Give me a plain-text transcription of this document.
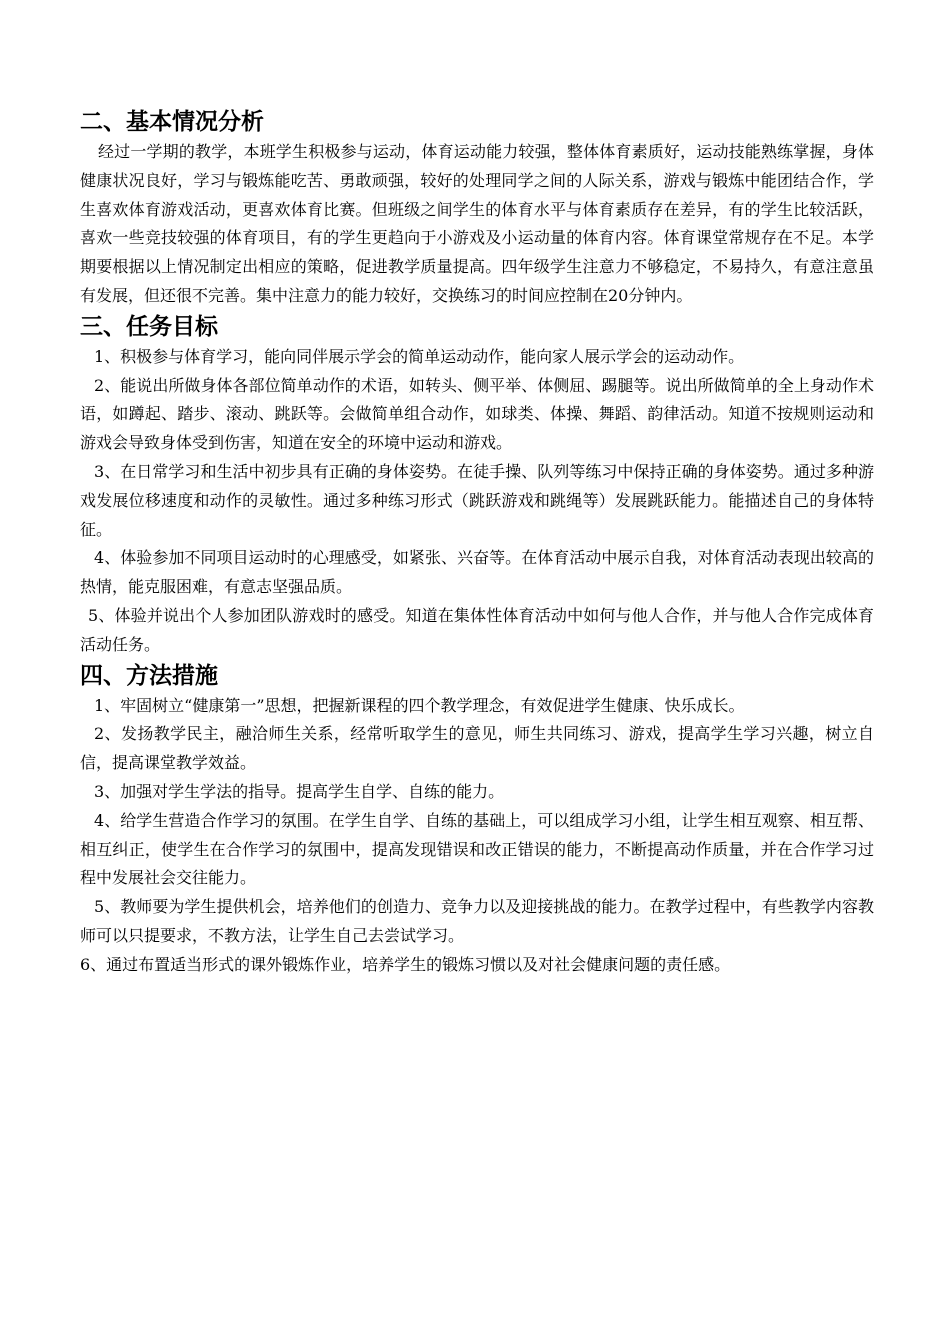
二、基本情况分析

经过一学期的教学，本班学生积极参与运动，体育运动能力较强，整体体育素质好，运动技能熟练掌握，身体健康状况良好，学习与锻炼能吃苦、勇敢顽强，较好的处理同学之间的人际关系，游戏与锻炼中能团结合作，学生喜欢体育游戏活动，更喜欢体育比赛。但班级之间学生的体育水平与体育素质存在差异，有的学生比较活跃，喜欢一些竞技较强的体育项目，有的学生更趋向于小游戏及小运动量的体育内容。体育课堂常规存在不足。本学期要根据以上情况制定出相应的策略，促进教学质量提高。四年级学生注意力不够稳定，不易持久，有意注意虽有发展，但还很不完善。集中注意力的能力较好，交换练习的时间应控制在20分钟内。

三、任务目标

1、积极参与体育学习，能向同伴展示学会的简单运动动作，能向家人展示学会的运动动作。

2、能说出所做身体各部位简单动作的术语，如转头、侧平举、体侧屈、踢腿等。说出所做简单的全上身动作术语，如蹲起、踏步、滚动、跳跃等。会做简单组合动作，如球类、体操、舞蹈、韵律活动。知道不按规则运动和游戏会导致身体受到伤害，知道在安全的环境中运动和游戏。

3、在日常学习和生活中初步具有正确的身体姿势。在徒手操、队列等练习中保持正确的身体姿势。通过多种游戏发展位移速度和动作的灵敏性。通过多种练习形式（跳跃游戏和跳绳等）发展跳跃能力。能描述自己的身体特征。

4、体验参加不同项目运动时的心理感受，如紧张、兴奋等。在体育活动中展示自我，对体育活动表现出较高的热情，能克服困难，有意志坚强品质。

5、体验并说出个人参加团队游戏时的感受。知道在集体性体育活动中如何与他人合作，并与他人合作完成体育活动任务。

四、方法措施

1、牢固树立“健康第一”思想，把握新课程的四个教学理念，有效促进学生健康、快乐成长。

2、发扬教学民主，融洽师生关系，经常听取学生的意见，师生共同练习、游戏，提高学生学习兴趣，树立自信，提高课堂教学效益。

3、加强对学生学法的指导。提高学生自学、自练的能力。

4、给学生营造合作学习的氛围。在学生自学、自练的基础上，可以组成学习小组，让学生相互观察、相互帮、相互纠正，使学生在合作学习的氛围中，提高发现错误和改正错误的能力，不断提高动作质量，并在合作学习过程中发展社会交往能力。

5、教师要为学生提供机会，培养他们的创造力、竞争力以及迎接挑战的能力。在教学过程中，有些教学内容教师可以只提要求，不教方法，让学生自己去尝试学习。

6、通过布置适当形式的课外锻炼作业，培养学生的锻炼习惯以及对社会健康问题的责任感。
